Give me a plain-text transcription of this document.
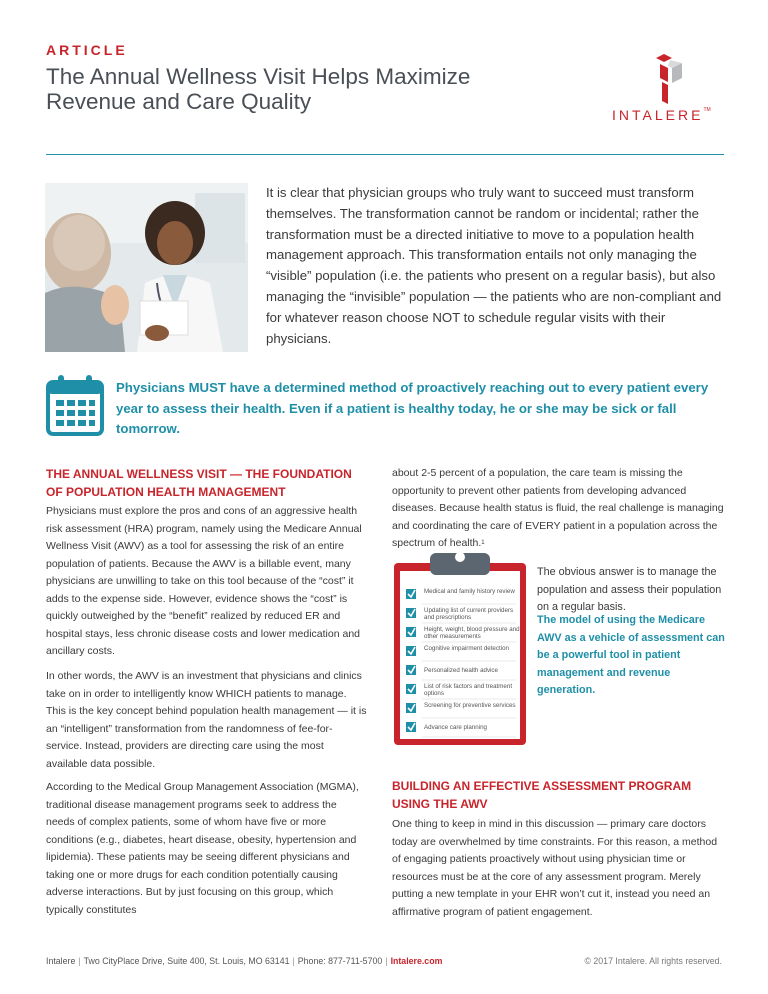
ARTICLE
The Annual Wellness Visit Helps Maximize
Revenue and Care Quality
INTALERE™
It is clear that physician groups who truly want to succeed must transform themselves. The transformation cannot be random or incidental; rather the transformation must be a directed initiative to move to a population health management approach. This transformation entails not only managing the “visible” population (i.e. the patients who present on a regular basis), but also managing the “invisible” population — the patients who are non-compliant and for whatever reason choose NOT to schedule regular visits with their physicians.
Physicians MUST have a determined method of proactively reaching out to every patient every year to assess their health. Even if a patient is healthy today, he or she may be sick or fall tomorrow.
THE ANNUAL WELLNESS VISIT — THE FOUNDATION OF POPULATION HEALTH MANAGEMENT

Physicians must explore the pros and cons of an aggressive health risk assessment (HRA) program, namely using the Medicare Annual Wellness Visit (AWV) as a tool for assessing the risk of an entire population of patients. Because the AWV is a billable event, many physicians are unwilling to take on this tool because of the “cost” it adds to the expense side. However, evidence shows the “cost” is quickly outweighed by the “benefit” realized by reduced ER and hospital stays, less chronic disease costs and lower medication and ancillary costs.

In other words, the AWV is an investment that physicians and clinics take on in order to intelligently know WHICH patients to manage. This is the key concept behind population health management — it is an “intelligent” transformation from the randomness of fee-for-service. Instead, providers are directing care using the most available data possible.

According to the Medical Group Management Association (MGMA), traditional disease management programs seek to address the needs of complex patients, some of whom have five or more conditions (e.g., diabetes, heart disease, obesity, hypertension and lipidemia). These patients may be seeing different physicians and taking one or more drugs for each condition potentially causing adverse interactions. But by just focusing on this group, which typically constitutes

about 2-5 percent of a population, the care team is missing the opportunity to prevent other patients from developing advanced diseases. Because health status is fluid, the real challenge is managing and coordinating the care of EVERY patient in a population across the spectrum of health.$^1$

Medical and family history review
Updating list of current providers and prescriptions
Height, weight, blood pressure and other measurements
Cognitive impairment detection
Personalized health advice
List of risk factors and treatment options
Screening for preventive services
Advance care planning
The obvious answer is to manage the population and assess their population on a regular basis.
The model of using the Medicare AWV as a vehicle of assessment can be a powerful tool in patient management and revenue generation.
BUILDING AN EFFECTIVE ASSESSMENT PROGRAM USING THE AWV

One thing to keep in mind in this discussion — primary care doctors today are overwhelmed by time constraints. For this reason, a method of engaging patients proactively without using physician time or resources must be at the core of any assessment program. Merely putting a new template in your EHR won’t cut it, instead you need an affirmative program of patient engagement.

Intalere | Two CityPlace Drive, Suite 400, St. Louis, MO 63141 | Phone: 877-711-5700 | Intalere.com	© 2017 Intalere. All rights reserved.
